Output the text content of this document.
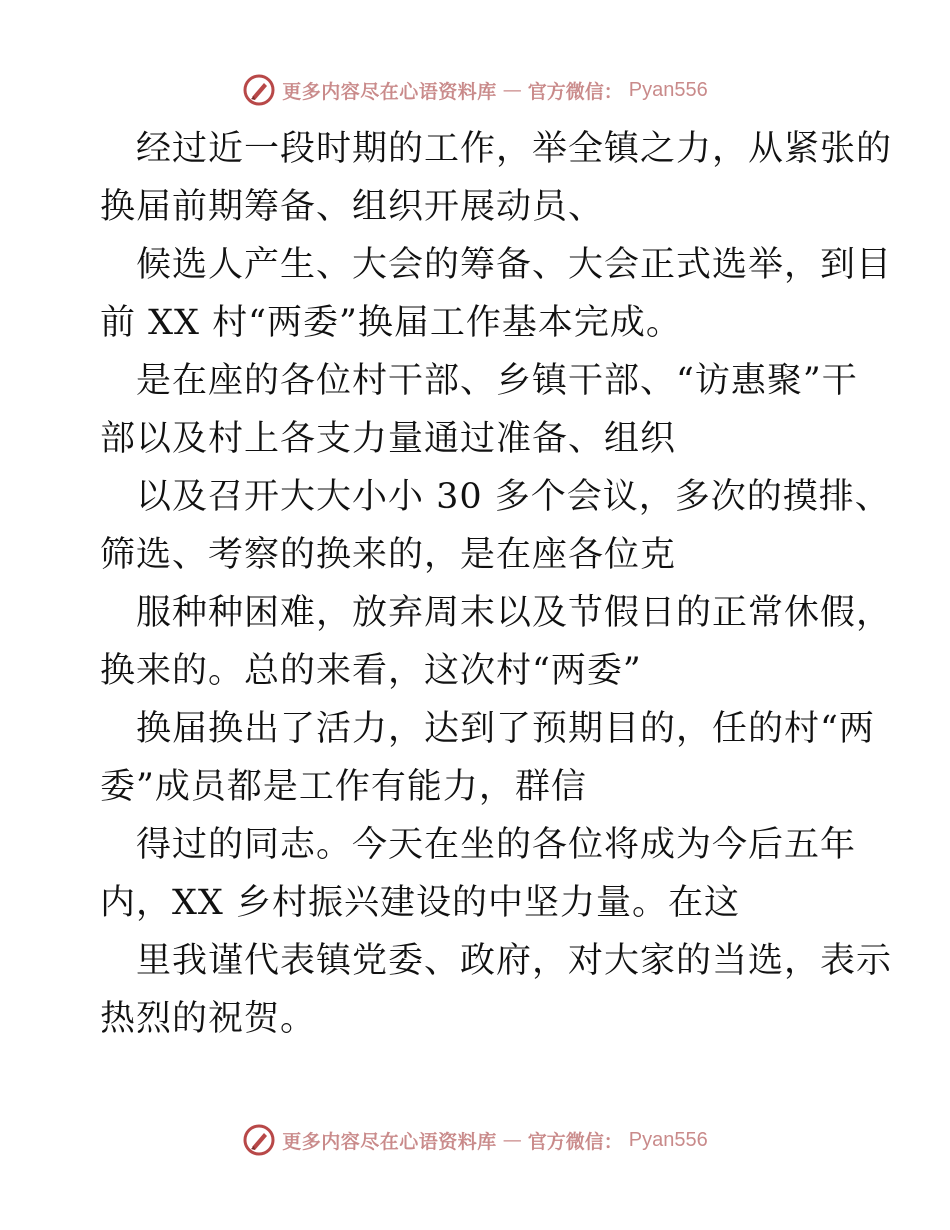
更多内容尽在心语资料库 — 官方微信： Pyan556
经过近一段时期的工作，举全镇之力，从紧张的
换届前期筹备、组织开展动员、
候选人产生、大会的筹备、大会正式选举，到目
前 XX 村“两委”换届工作基本完成。
是在座的各位村干部、乡镇干部、“访惠聚”干
部以及村上各支力量通过准备、组织
以及召开大大小小 30 多个会议，多次的摸排、
筛选、考察的换来的，是在座各位克
服种种困难，放弃周末以及节假日的正常休假，
换来的。总的来看，这次村“两委”
换届换出了活力，达到了预期目的，任的村“两
委”成员都是工作有能力，群信
得过的同志。今天在坐的各位将成为今后五年
内，XX 乡村振兴建设的中坚力量。在这
里我谨代表镇党委、政府，对大家的当选，表示
热烈的祝贺。
更多内容尽在心语资料库 — 官方微信： Pyan556
